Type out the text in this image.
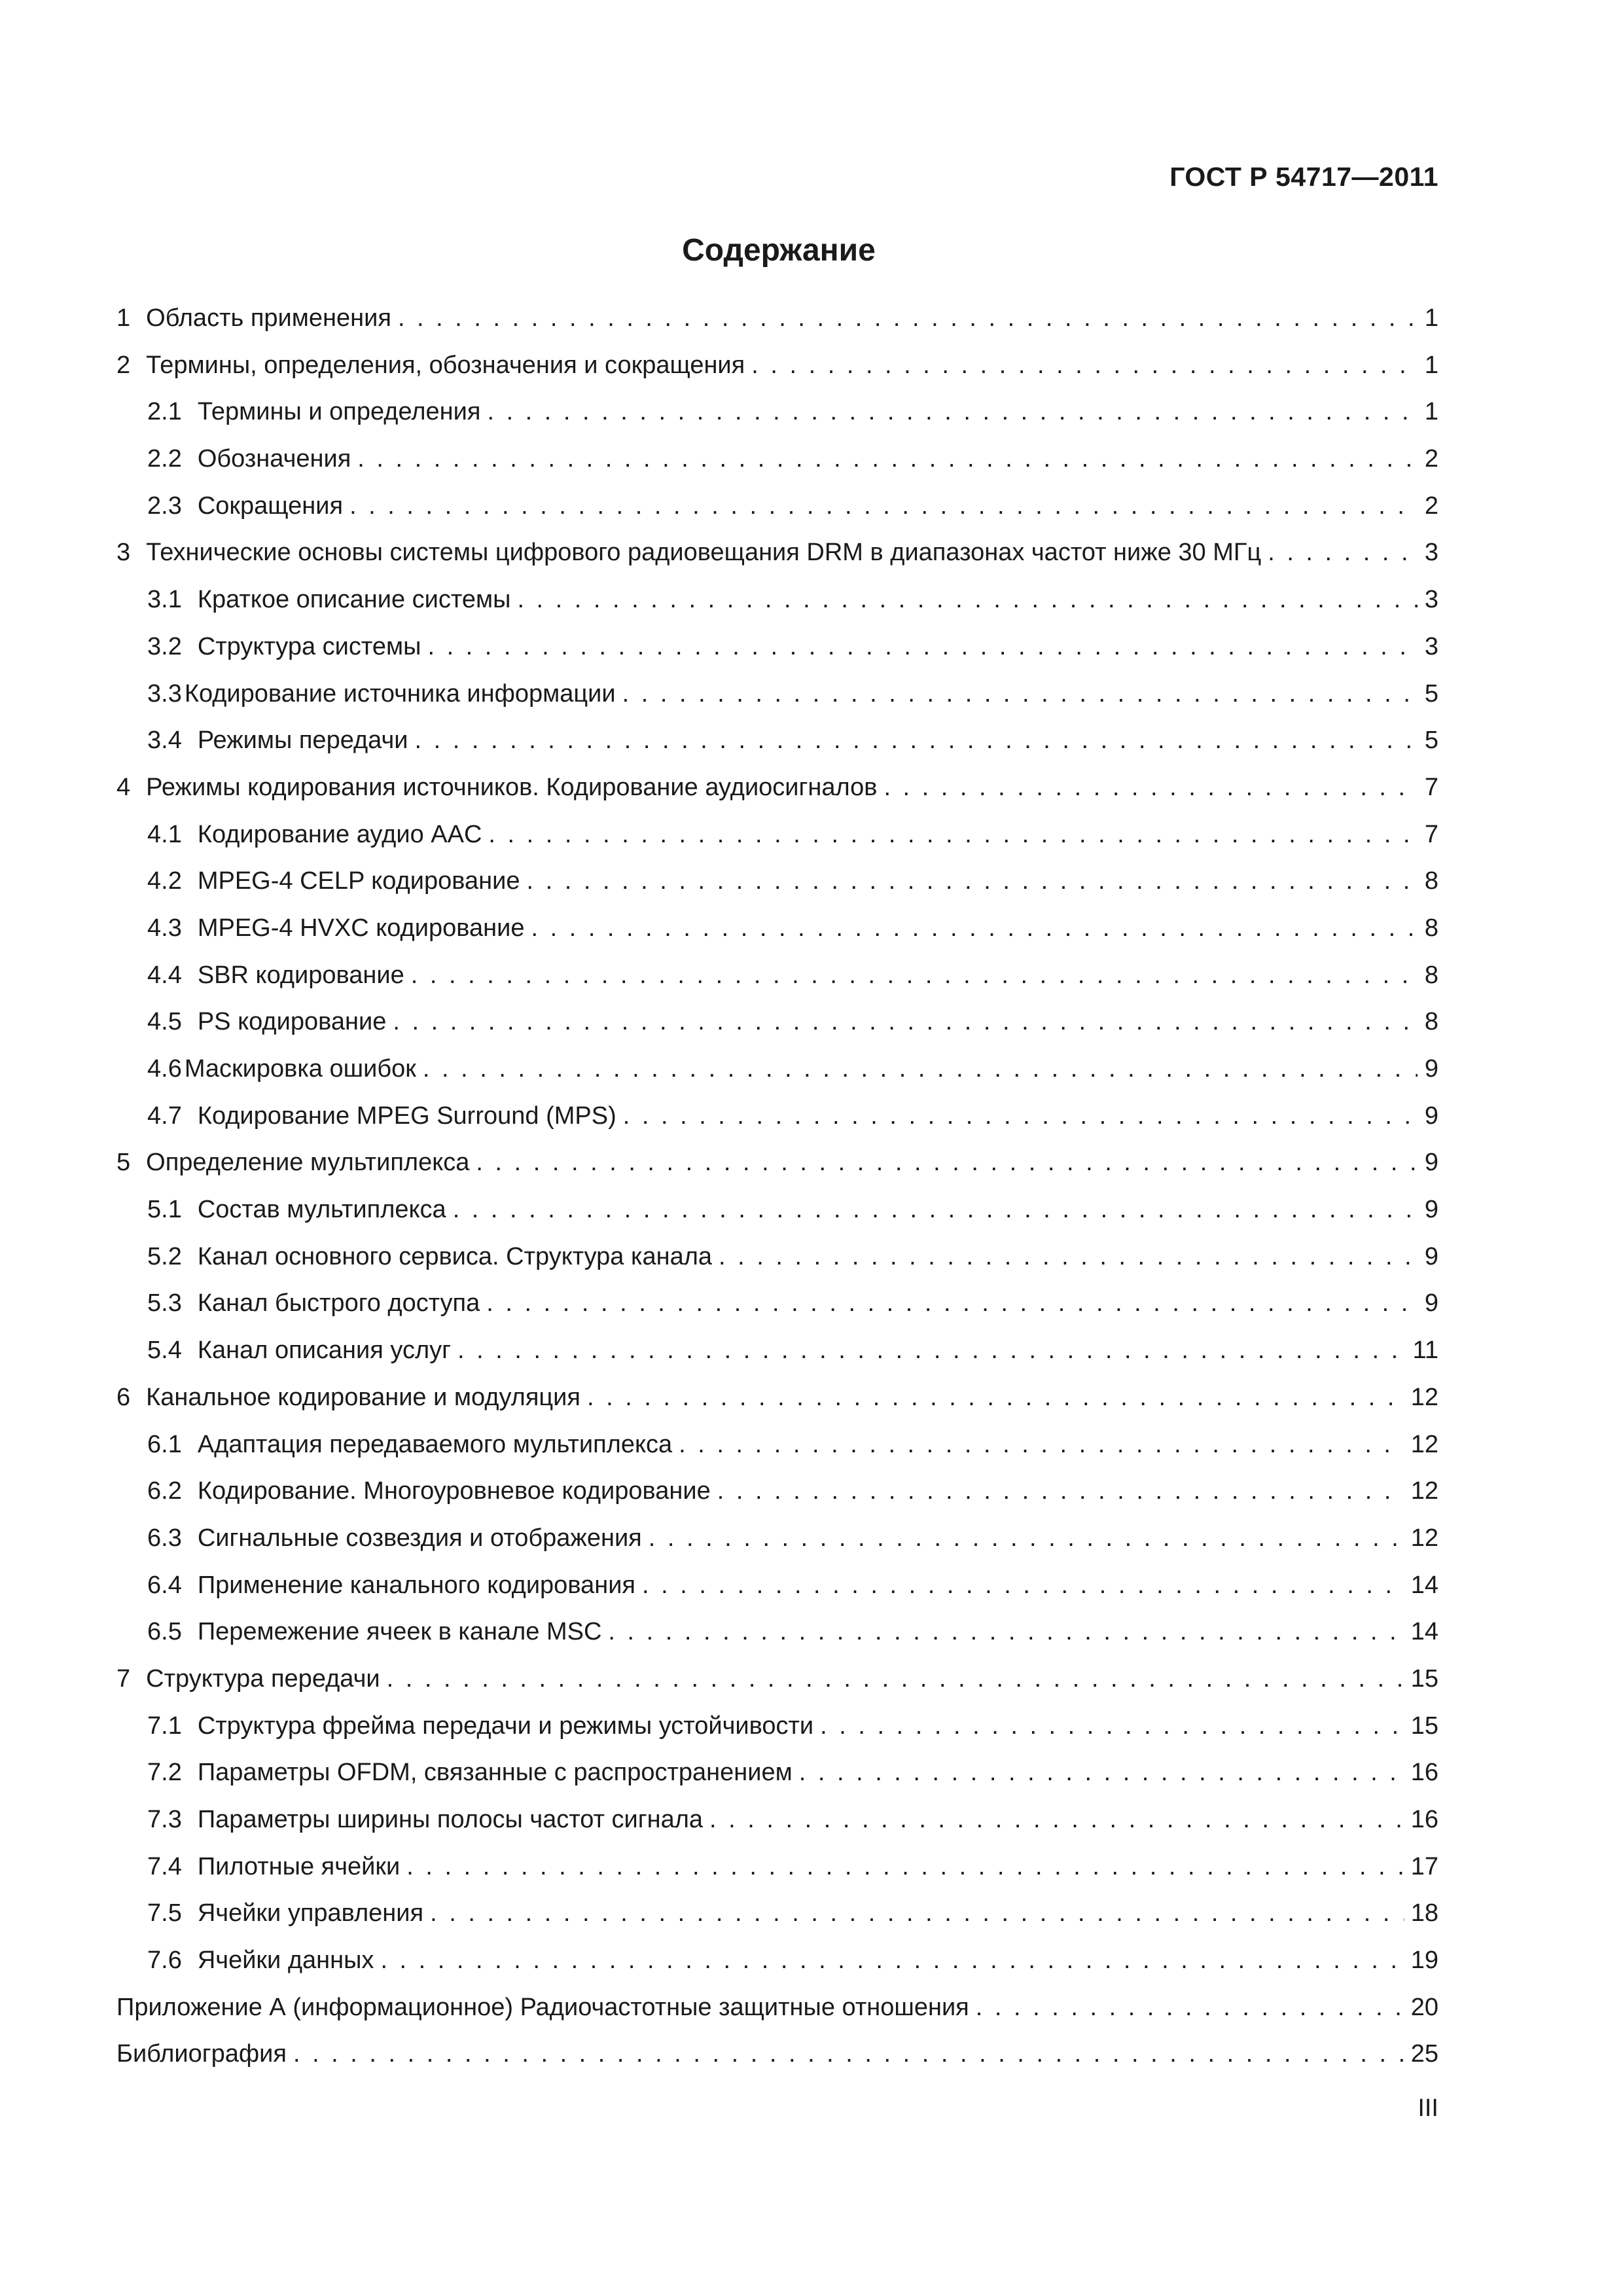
ГОСТ Р 54717—2011
Содержание
1 Область применения . . .	1
2 Термины, определения, обозначения и сокращения . . .	1
2.1 Термины и определения . . .	1
2.2 Обозначения . . .	2
2.3 Сокращения . . .	2
3 Технические основы системы цифрового радиовещания DRM в диапазонах частот ниже 30 МГц . . .	3
3.1 Краткое описание системы . . .	3
3.2 Структура системы . . .	3
3.3 Кодирование источника информации . . .	5
3.4 Режимы передачи . . .	5
4 Режимы кодирования источников. Кодирование аудиосигналов . . .	7
4.1 Кодирование аудио AAC . . .	7
4.2 MPEG-4 CELP кодирование . . .	8
4.3 MPEG-4 HVXC кодирование . . .	8
4.4 SBR кодирование . . .	8
4.5 PS кодирование . . .	8
4.6 Маскировка ошибок . . .	9
4.7 Кодирование MPEG Surround (MPS) . . .	9
5 Определение мультиплекса . . .	9
5.1 Состав мультиплекса . . .	9
5.2 Канал основного сервиса. Структура канала . . .	9
5.3 Канал быстрого доступа . . .	9
5.4 Канал описания услуг . . .	11
6 Канальное кодирование и модуляция . . .	12
6.1 Адаптация передаваемого мультиплекса . . .	12
6.2 Кодирование. Многоуровневое кодирование . . .	12
6.3 Сигнальные созвездия и отображения . . .	12
6.4 Применение канального кодирования . . .	14
6.5 Перемежение ячеек в канале MSC . . .	14
7 Структура передачи . . .	15
7.1 Структура фрейма передачи и режимы устойчивости . . .	15
7.2 Параметры OFDM, связанные с распространением . . .	16
7.3 Параметры ширины полосы частот сигнала . . .	16
7.4 Пилотные ячейки . . .	17
7.5 Ячейки управления . . .	18
7.6 Ячейки данных . . .	19
Приложение А (информационное) Радиочастотные защитные отношения . . .	20
Библиография . . .	25
III
